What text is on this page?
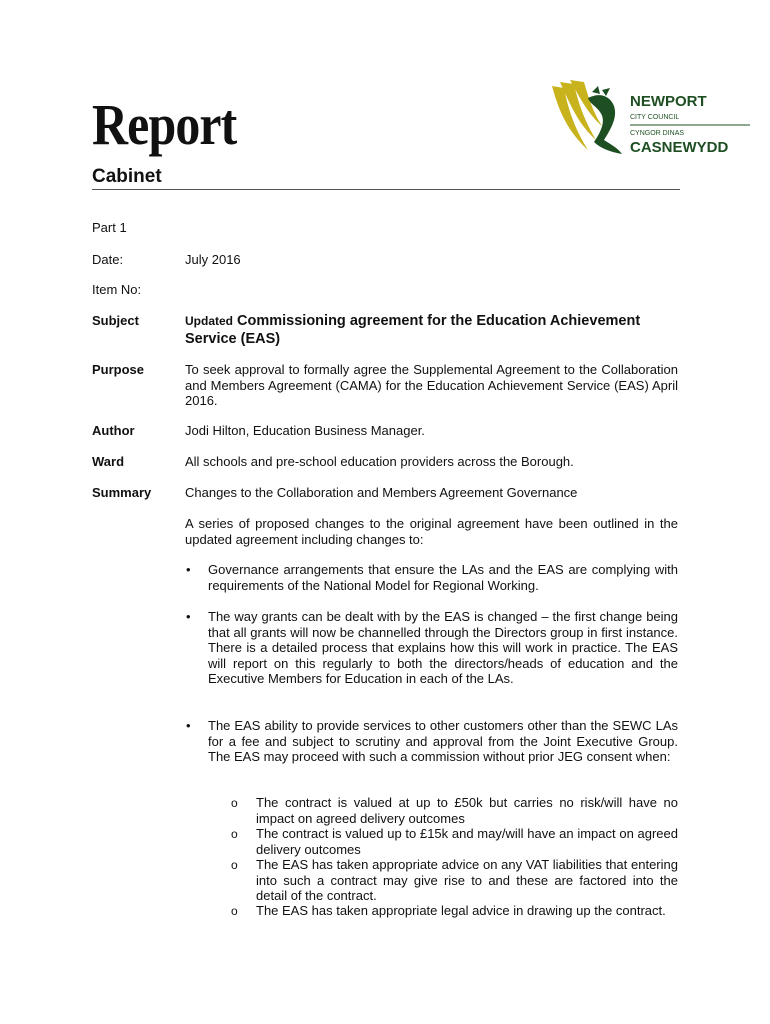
Report
Cabinet
NEWPORT
CITY COUNCIL
CYNGOR DINAS
CASNEWYDD
Part 1
Date:	July 2016
Item No:
Subject	Updated Commissioning agreement for the Education Achievement Service (EAS)
Purpose	To seek approval to formally agree the Supplemental Agreement to the Collaboration and Members Agreement (CAMA) for the Education Achievement Service (EAS) April 2016.
Author	Jodi Hilton, Education Business Manager.
Ward	All schools and pre-school education providers across the Borough.
Summary	Changes to the Collaboration and Members Agreement Governance
A series of proposed changes to the original agreement have been outlined in the updated agreement including changes to:
• Governance arrangements that ensure the LAs and the EAS are complying with requirements of the National Model for Regional Working.
• The way grants can be dealt with by the EAS is changed – the first change being that all grants will now be channelled through the Directors group in first instance. There is a detailed process that explains how this will work in practice. The EAS will report on this regularly to both the directors/heads of education and the Executive Members for Education in each of the LAs.
• The EAS ability to provide services to other customers other than the SEWC LAs for a fee and subject to scrutiny and approval from the Joint Executive Group. The EAS may proceed with such a commission without prior JEG consent when:
o The contract is valued at up to £50k but carries no risk/will have no impact on agreed delivery outcomes
o The contract is valued up to £15k and may/will have an impact on agreed delivery outcomes
o The EAS has taken appropriate advice on any VAT liabilities that entering into such a contract may give rise to and these are factored into the detail of the contract.
o The EAS has taken appropriate legal advice in drawing up the contract.
